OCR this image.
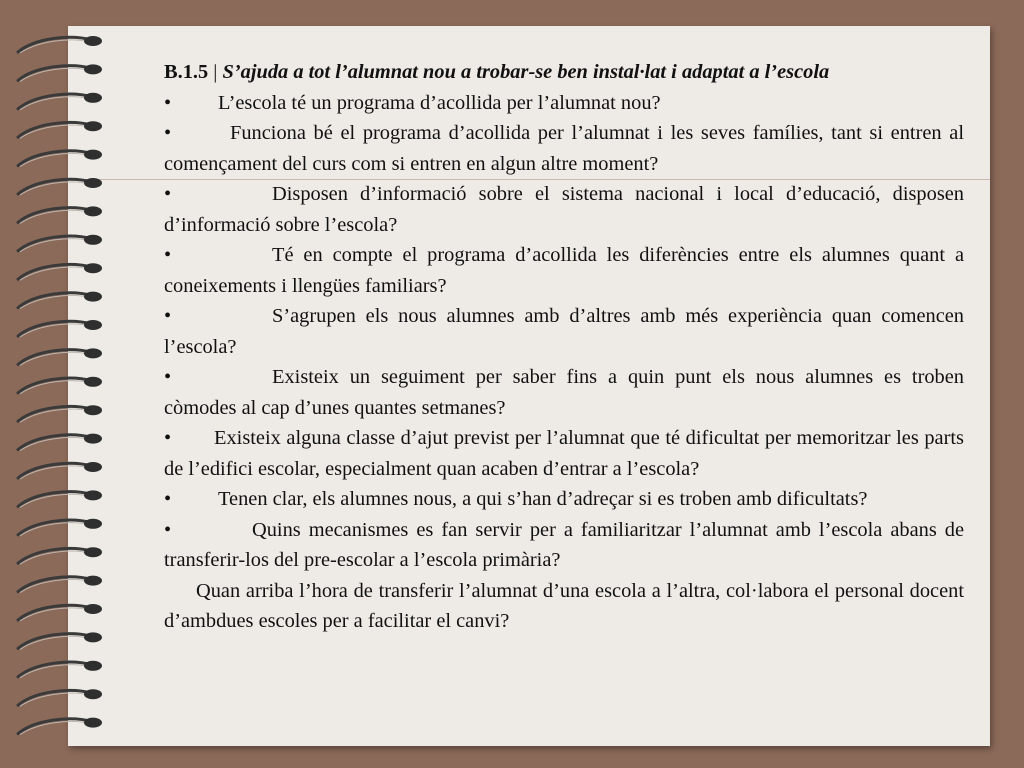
B.1.5 | S’ajuda a tot l’alumnat nou a trobar-se ben instal·lat i adaptat a l’escola
• L’escola té un programa d’acollida per l’alumnat nou?
•	Funciona bé el programa d’acollida per l’alumnat i les seves famílies, tant si entren al començament del curs com si entren en algun altre moment?
•	Disposen d’informació sobre el sistema nacional i local d’educació, disposen d’informació sobre l’escola?
•	Té en compte el programa d’acollida les diferències entre els alumnes quant a coneixements i llengües familiars?
•	S’agrupen els nous alumnes amb d’altres amb més experiència quan comencen l’escola?
•	Existeix un seguiment per saber fins a quin punt els nous alumnes es troben còmodes al cap d’unes quantes setmanes?
• Existeix alguna classe d’ajut previst per l’alumnat que té dificultat per memoritzar les parts de l’edifici escolar, especialment quan acaben d’entrar a l’escola?
• Tenen clar, els alumnes nous, a qui s’han d’adreçar si es troben amb dificultats?
•	Quins mecanismes es fan servir per a familiaritzar l’alumnat amb l’escola abans de transferir-los del pre-escolar a l’escola primària?
Quan arriba l’hora de transferir l’alumnat d’una escola a l’altra, col·labora el personal docent d’ambdues escoles per a facilitar el canvi?
